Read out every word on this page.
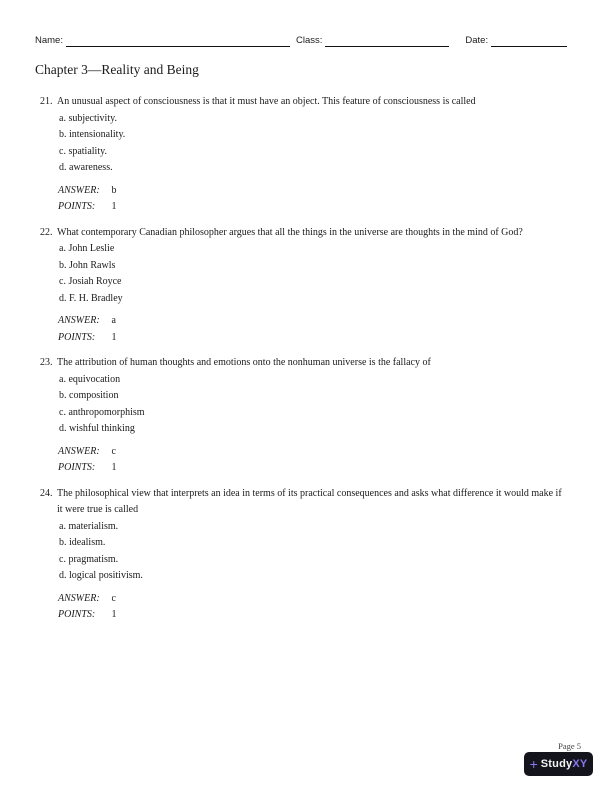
Name:	Class:	Date:
Chapter 3—Reality and Being
21. An unusual aspect of consciousness is that it must have an object. This feature of consciousness is called
a. subjectivity.
b. intensionality.
c. spatiality.
d. awareness.
ANSWER: b
POINTS: 1
22. What contemporary Canadian philosopher argues that all the things in the universe are thoughts in the mind of God?
a. John Leslie
b. John Rawls
c. Josiah Royce
d. F. H. Bradley
ANSWER: a
POINTS: 1
23. The attribution of human thoughts and emotions onto the nonhuman universe is the fallacy of
a. equivocation
b. composition
c. anthropomorphism
d. wishful thinking
ANSWER: c
POINTS: 1
24. The philosophical view that interprets an idea in terms of its practical consequences and asks what difference it would make if it were true is called
a. materialism.
b. idealism.
c. pragmatism.
d. logical positivism.
ANSWER: c
POINTS: 1
Page 5
+ StudyXY
